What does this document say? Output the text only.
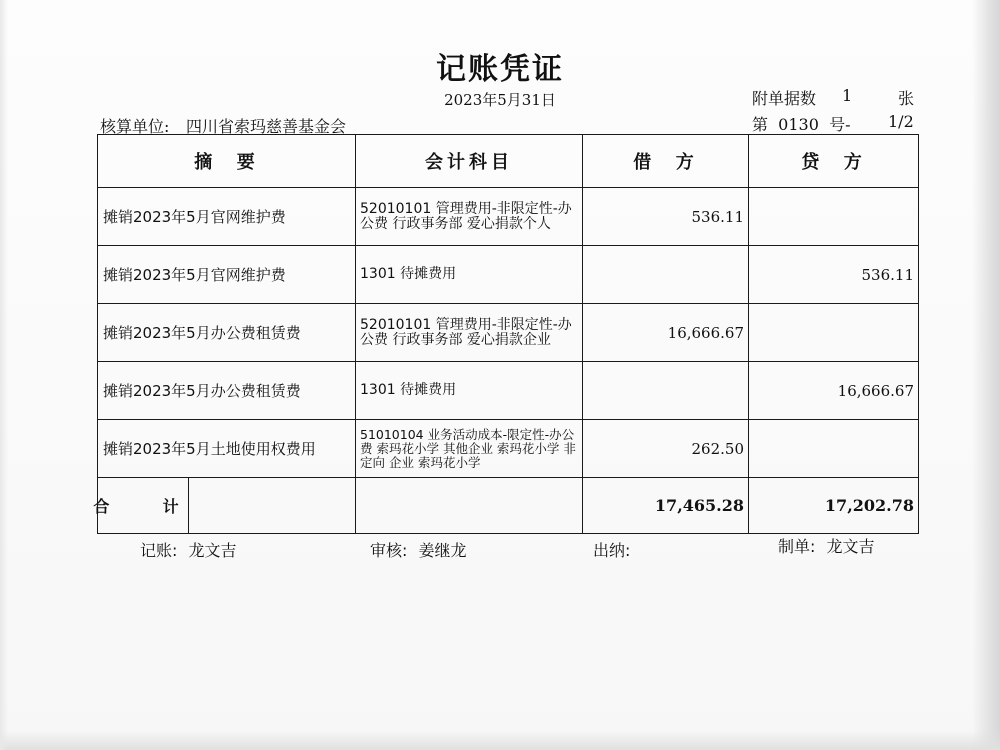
记账凭证
2023年5月31日	附单据数 1	张
核算单位: 四川省索玛慈善基金会	第  0130  号- 1/2
摘  要	会计科目	借  方	贷  方
摊销2023年5月官网维护费	52010101 管理费用-非限定性-办公费 行政事务部 爱心捐款个人	536.11	
摊销2023年5月官网维护费	1301 待摊费用		536.11
摊销2023年5月办公费租赁费	52010101 管理费用-非限定性-办公费 行政事务部 爱心捐款企业	16,666.67	
摊销2023年5月办公费租赁费	1301 待摊费用		16,666.67
摊销2023年5月土地使用权费用	51010104 业务活动成本-限定性-办公费 索玛花小学 其他企业 索玛花小学 非定向 企业 索玛花小学	262.50	

合  计		17,465.28	17,202.78
记账: 龙文吉	审核: 姜继龙	出纳:	制单: 龙文吉
